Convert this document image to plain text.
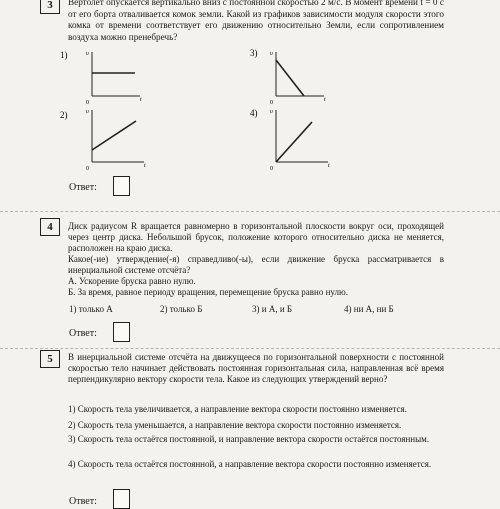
3	Вертолёт опускается вертикально вниз с постоянной скоростью 2 м/с. В момент времени t = 0 с от его борта отваливается комок земли. Какой из графиков зависимости модуля скорости этого комка от времени соответствует его движению относительно Земли, если сопротивлением воздуха можно пренебречь?
1)	υ
t
0
2)	υ
t
0
3) υ
t
0
4) υ
t
0
Ответ:
4	Диск радиусом R вращается равномерно в горизонтальной плоскости вокруг оси, проходящей через центр диска. Небольшой брусок, положение которого относительно диска не меняется, расположен на краю диска.
Какое(-ие) утверждение(-я) справедливо(-ы), если движение бруска рассматривается в инерциальной системе отсчёта?
А. Ускорение бруска равно нулю.
Б. За время, равное периоду вращения, перемещение бруска равно нулю.
1) только А	2) только Б	3) и А, и Б	4) ни А, ни Б
Ответ:
5	В инерциальной системе отсчёта на движущееся по горизонтальной поверхности с постоянной скоростью тело начинает действовать постоянная горизонтальная сила, направленная всё время перпендикулярно вектору скорости тела. Какое из следующих утверждений верно?
1) Скорость тела увеличивается, а направление вектора скорости постоянно изменяется.
2) Скорость тела уменьшается, а направление вектора скорости постоянно изменяется.
3) Скорость тела остаётся постоянной, и направление вектора скорости остаётся постоянным.
4) Скорость тела остаётся постоянной, а направление вектора скорости постоянно изменяется.
Ответ:
